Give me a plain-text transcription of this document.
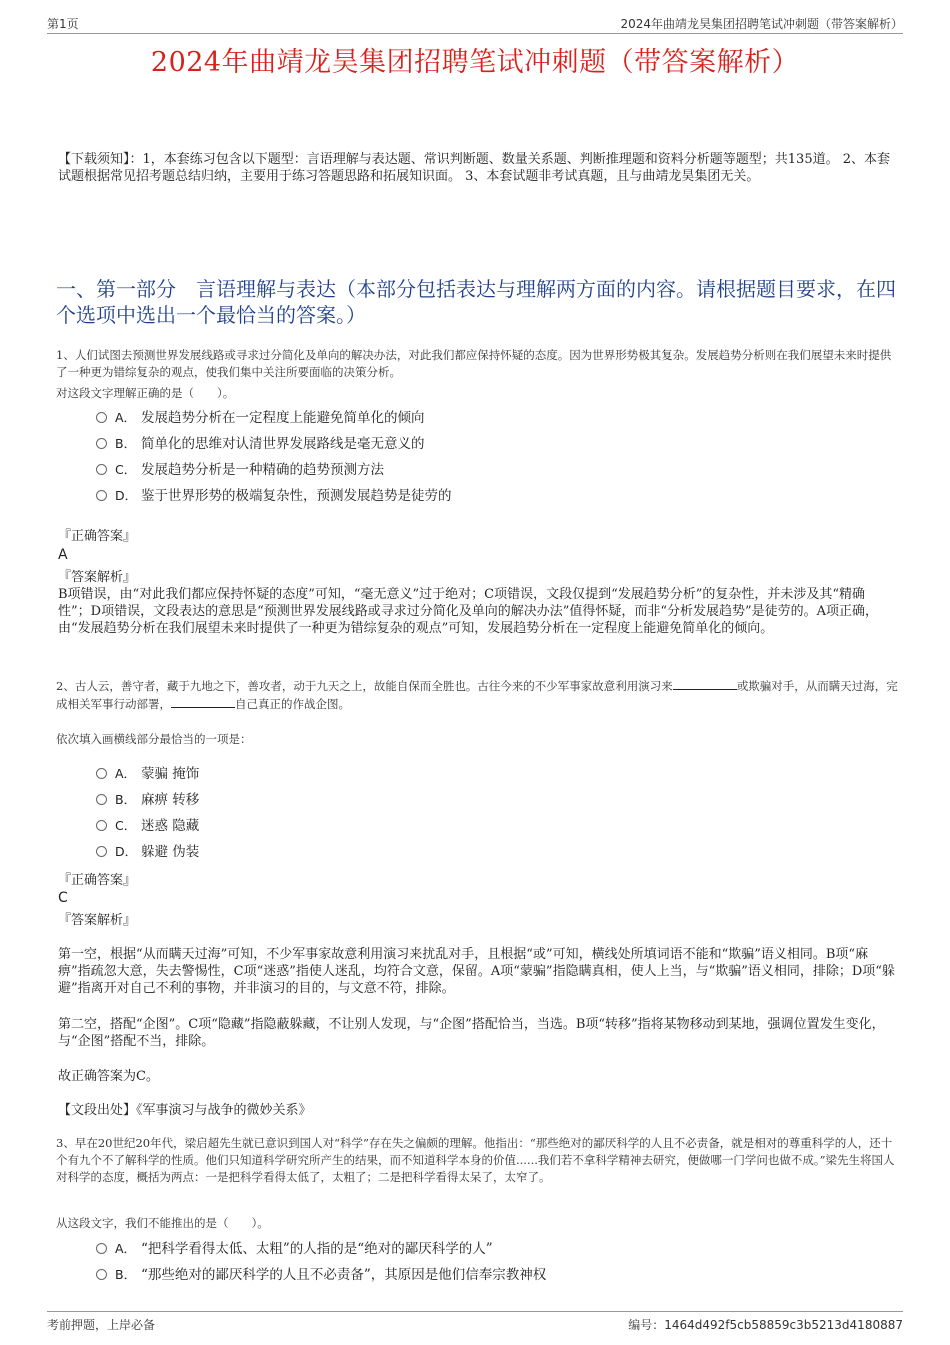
第1页	2024年曲靖龙昊集团招聘笔试冲刺题（带答案解析）
2024年曲靖龙昊集团招聘笔试冲刺题（带答案解析）
【下载须知】：1，本套练习包含以下题型：言语理解与表达题、常识判断题、数量关系题、判断推理题和资料分析题等题型；共135道。 2、本套试题根据常见招考题总结归纳，主要用于练习答题思路和拓展知识面。 3、本套试题非考试真题，且与曲靖龙昊集团无关。
一、第一部分　言语理解与表达（本部分包括表达与理解两方面的内容。请根据题目要求，在四个选项中选出一个最恰当的答案。）
1、人们试图去预测世界发展线路或寻求过分简化及单向的解决办法，对此我们都应保持怀疑的态度。因为世界形势极其复杂。发展趋势分析则在我们展望未来时提供了一种更为错综复杂的观点，使我们集中关注所要面临的决策分析。
对这段文字理解正确的是（　　）。
A． 发展趋势分析在一定程度上能避免简单化的倾向
B． 简单化的思维对认清世界发展路线是毫无意义的
C． 发展趋势分析是一种精确的趋势预测方法
D． 鉴于世界形势的极端复杂性，预测发展趋势是徒劳的
『正确答案』
A
『答案解析』
B项错误，由“对此我们都应保持怀疑的态度”可知，“毫无意义”过于绝对；C项错误，文段仅提到“发展趋势分析”的复杂性，并未涉及其“精确性”；D项错误，文段表达的意思是“预测世界发展线路或寻求过分简化及单向的解决办法”值得怀疑，而非“分析发展趋势”是徒劳的。A项正确，由“发展趋势分析在我们展望未来时提供了一种更为错综复杂的观点”可知，发展趋势分析在一定程度上能避免简单化的倾向。
2、古人云，善守者，藏于九地之下，善攻者，动于九天之上，故能自保而全胜也。古往今来的不少军事家故意利用演习来	或欺骗对手，从而瞒天过海，完成相关军事行动部署，	自己真正的作战企图。
依次填入画横线部分最恰当的一项是：
A． 蒙骗 掩饰
B． 麻痹 转移
C． 迷惑 隐藏
D． 躲避 伪装
『正确答案』
C
『答案解析』
第一空，根据“从而瞒天过海”可知，不少军事家故意利用演习来扰乱对手，且根据“或”可知，横线处所填词语不能和“欺骗”语义相同。B项“麻痹”指疏忽大意，失去警惕性，C项“迷惑”指使人迷乱，均符合文意，保留。A项“蒙骗”指隐瞒真相，使人上当，与“欺骗”语义相同，排除；D项“躲避”指离开对自己不利的事物，并非演习的目的，与文意不符，排除。
第二空，搭配“企图”。C项“隐藏”指隐蔽躲藏，不让别人发现，与“企图”搭配恰当，当选。B项“转移”指将某物移动到某地，强调位置发生变化，与“企图”搭配不当，排除。
故正确答案为C。
【文段出处】《军事演习与战争的微妙关系》
3、早在20世纪20年代，梁启超先生就已意识到国人对“科学”存在失之偏颇的理解。他指出：“那些绝对的鄙厌科学的人且不必责备，就是相对的尊重科学的人，还十个有九个不了解科学的性质。他们只知道科学研究所产生的结果，而不知道科学本身的价值......我们若不拿科学精神去研究，便做哪一门学问也做不成。”梁先生将国人对科学的态度，概括为两点：一是把科学看得太低了，太粗了；二是把科学看得太呆了，太窄了。
从这段文字，我们不能推出的是（　　）。
A． “把科学看得太低、太粗”的人指的是“绝对的鄙厌科学的人”
B． “那些绝对的鄙厌科学的人且不必责备”，其原因是他们信奉宗教神权
考前押题，上岸必备	编号：1464d492f5cb58859c3b5213d4180887
